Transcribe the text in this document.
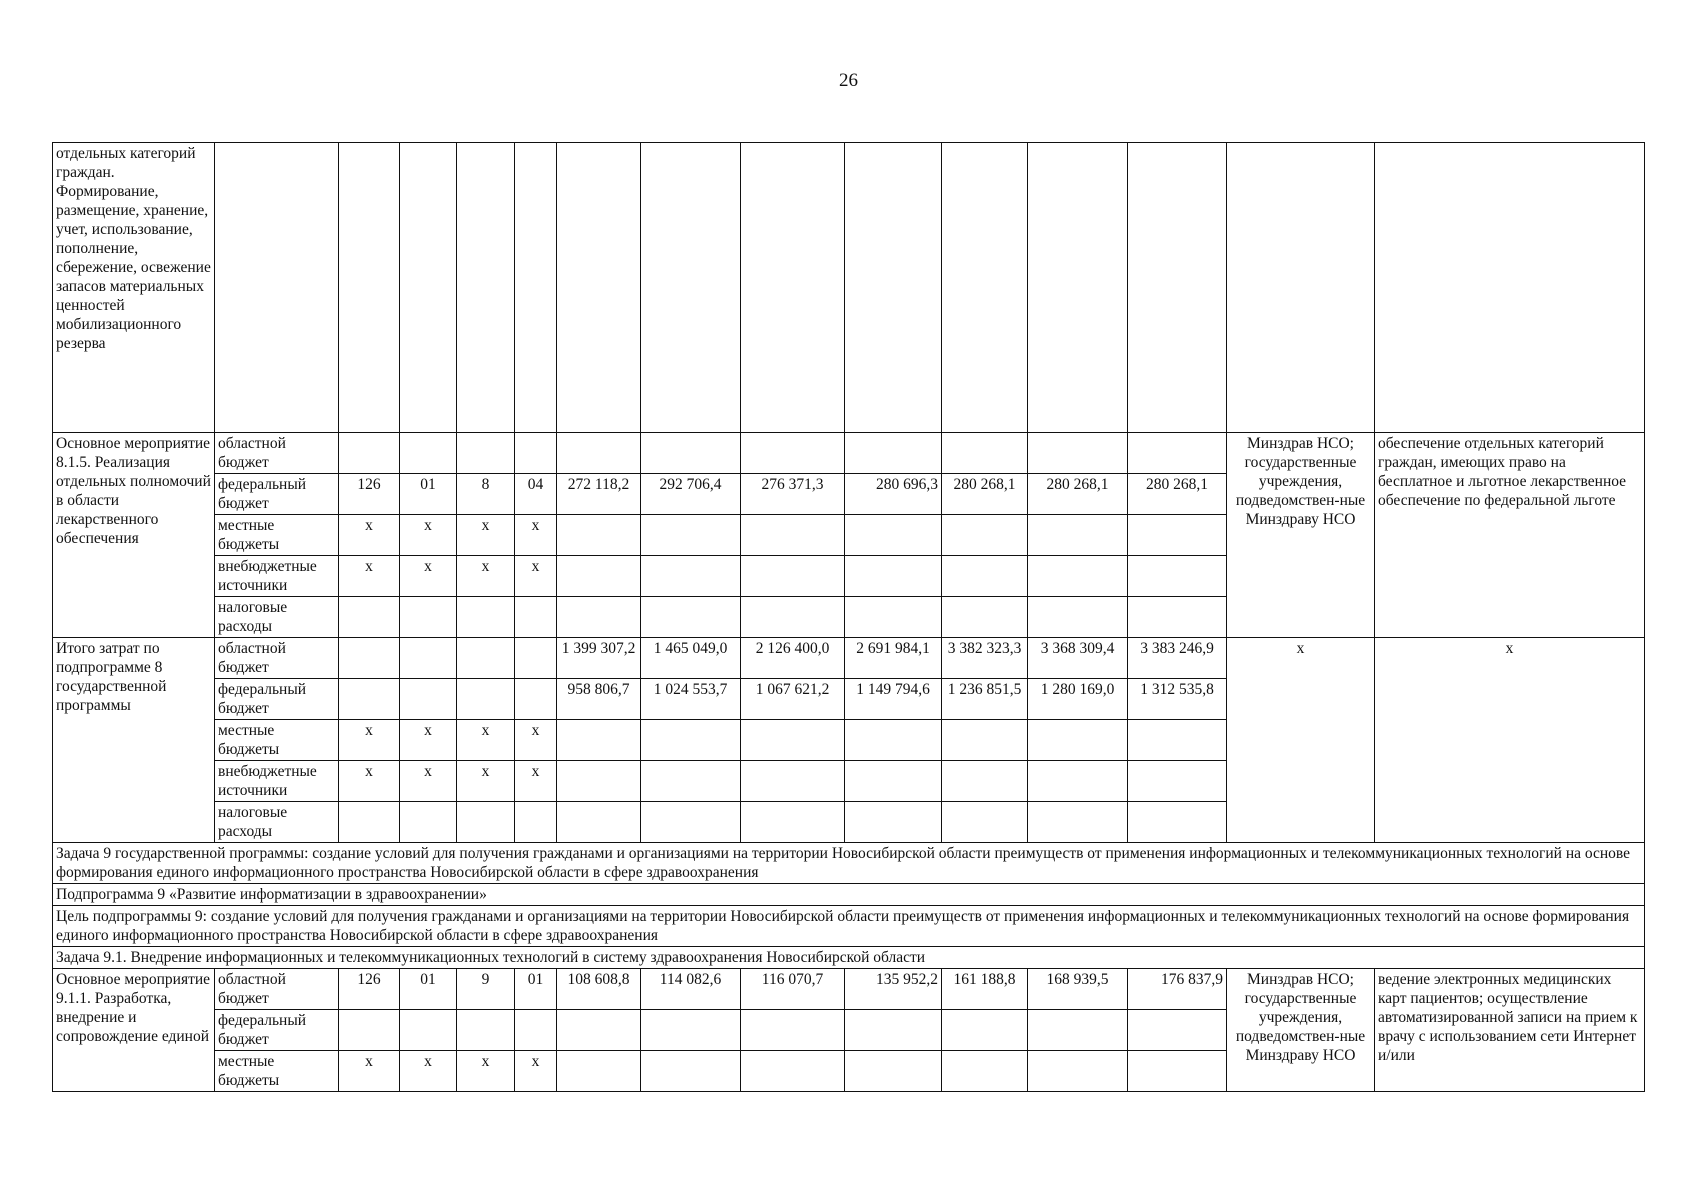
26
отдельных категорий граждан. Формирование, размещение, хранение, учет, использование, пополнение, сбережение, освежение запасов материальных ценностей мобилизационного резерва														
Основное мероприятие 8.1.5. Реализация отдельных полномочий в области лекарственного обеспечения	областной бюджет												Минздрав НСО; государственные учреждения, подведомствен-ные Минздраву НСО	обеспечение отдельных категорий граждан, имеющих право на бесплатное и льготное лекарственное обеспечение по федеральной льготе
	федеральный бюджет	126	01	8	04	272 118,2	292 706,4	276 371,3	280 696,3	280 268,1	280 268,1	280 268,1		
	местные бюджеты	х	х	х	х									
	внебюджетные источники	х	х	х	х									
	налоговые расходы													
Итого затрат по подпрограмме 8 государственной программы	областной бюджет					1 399 307,2	1 465 049,0	2 126 400,0	2 691 984,1	3 382 323,3	3 368 309,4	3 383 246,9	х	х
	федеральный бюджет					958 806,7	1 024 553,7	1 067 621,2	1 149 794,6	1 236 851,5	1 280 169,0	1 312 535,8		
	местные бюджеты	х	х	х	х									
	внебюджетные источники	х	х	х	х									
	налоговые расходы													
Задача 9 государственной программы: создание условий для получения гражданами и организациями на территории Новосибирской области преимуществ от применения информационных и телекоммуникационных технологий на основе формирования единого информационного пространства Новосибирской области в сфере здравоохранения														
Подпрограмма 9 «Развитие информатизации в здравоохранении»														
Цель подпрограммы 9: создание условий для получения гражданами и организациями на территории Новосибирской области преимуществ от применения информационных и телекоммуникационных технологий на основе формирования единого информационного пространства Новосибирской области в сфере здравоохранения														
Задача 9.1. Внедрение информационных и телекоммуникационных технологий в систему здравоохранения Новосибирской области														
Основное мероприятие 9.1.1. Разработка, внедрение и сопровождение единой	областной бюджет	126	01	9	01	108 608,8	114 082,6	116 070,7	135 952,2	161 188,8	168 939,5	176 837,9	Минздрав НСО; государственные учреждения, подведомствен-ные Минздраву НСО	ведение электронных медицинских карт пациентов; осуществление автоматизированной записи на прием к врачу с использованием сети Интернет и/или
	федеральный бюджет													
	местные бюджеты	х	х	х	х									
